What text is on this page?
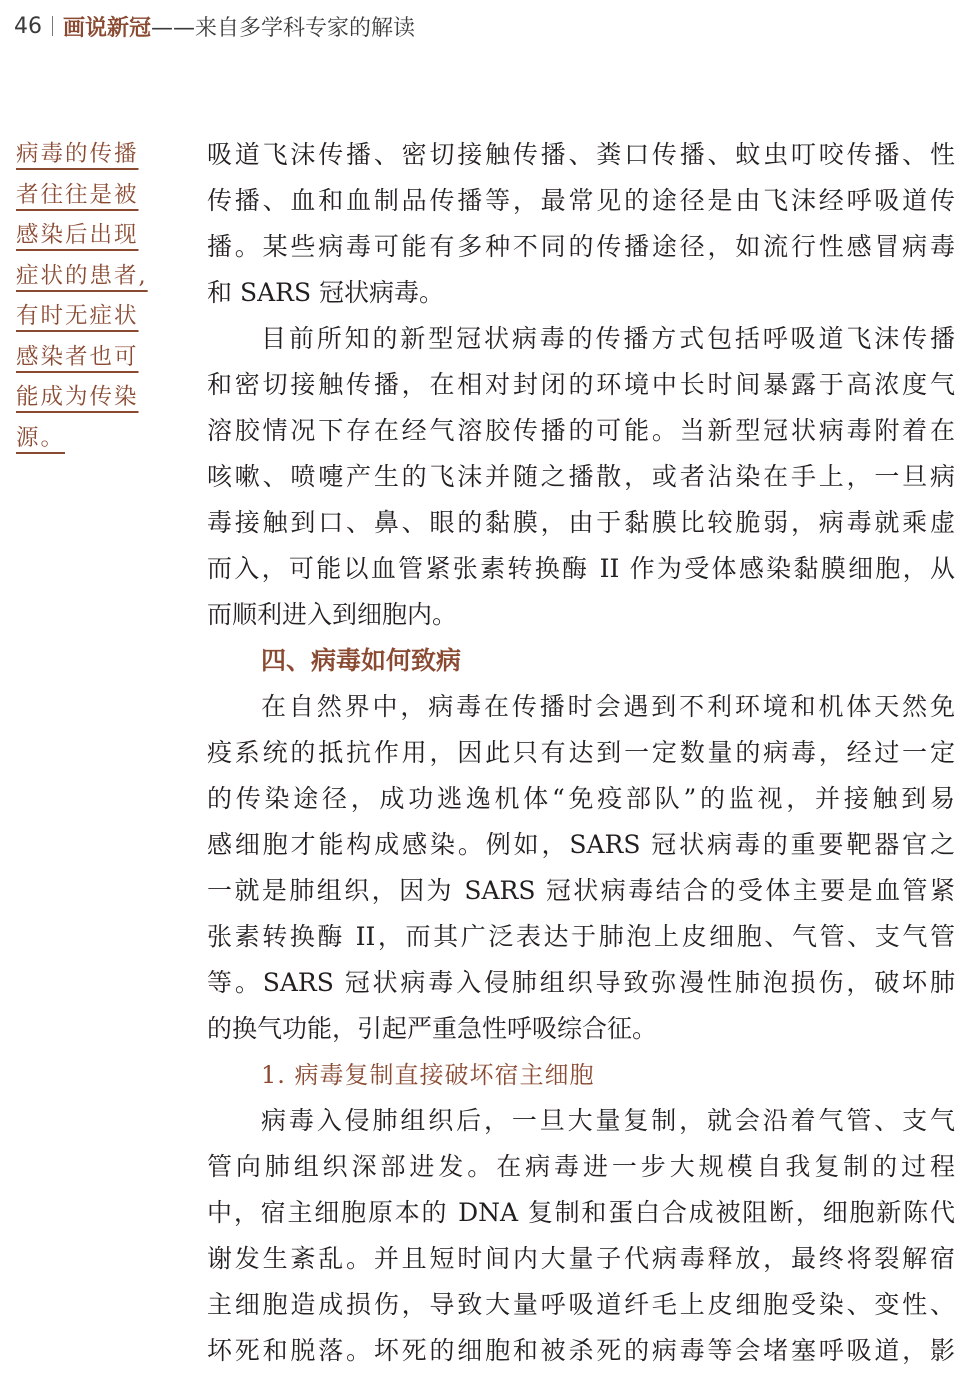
46 画说新冠 ——来自多学科专家的解读
病毒的传播
者往往是被
感染后出现
症状的患者,
有时无症状
感染者也可
能成为传染
源。
吸道飞沫传播、密切接触传播、粪口传播、蚊虫叮咬传播、性
传播、血和血制品传播等，最常见的途径是由飞沫经呼吸道传
播。某些病毒可能有多种不同的传播途径，如流行性感冒病毒
和 SARS 冠状病毒。
目前所知的新型冠状病毒的传播方式包括呼吸道飞沫传播
和密切接触传播，在相对封闭的环境中长时间暴露于高浓度气
溶胶情况下存在经气溶胶传播的可能。当新型冠状病毒附着在
咳嗽、喷嚏产生的飞沫并随之播散，或者沾染在手上，一旦病
毒接触到口、鼻、眼的黏膜，由于黏膜比较脆弱，病毒就乘虚
而入，可能以血管紧张素转换酶 II 作为受体感染黏膜细胞，从
而顺利进入到细胞内。
四、病毒如何致病
在自然界中，病毒在传播时会遇到不利环境和机体天然免
疫系统的抵抗作用，因此只有达到一定数量的病毒，经过一定
的传染途径，成功逃逸机体“免疫部队”的监视，并接触到易
感细胞才能构成感染。例如，SARS 冠状病毒的重要靶器官之
一就是肺组织，因为 SARS 冠状病毒结合的受体主要是血管紧
张素转换酶 II，而其广泛表达于肺泡上皮细胞、气管、支气管
等。SARS 冠状病毒入侵肺组织导致弥漫性肺泡损伤，破坏肺
的换气功能，引起严重急性呼吸综合征。
1. 病毒复制直接破坏宿主细胞
病毒入侵肺组织后，一旦大量复制，就会沿着气管、支气
管向肺组织深部进发。在病毒进一步大规模自我复制的过程
中，宿主细胞原本的 DNA 复制和蛋白合成被阻断，细胞新陈代
谢发生紊乱。并且短时间内大量子代病毒释放，最终将裂解宿
主细胞造成损伤，导致大量呼吸道纤毛上皮细胞受染、变性、
坏死和脱落。坏死的细胞和被杀死的病毒等会堵塞呼吸道，影
